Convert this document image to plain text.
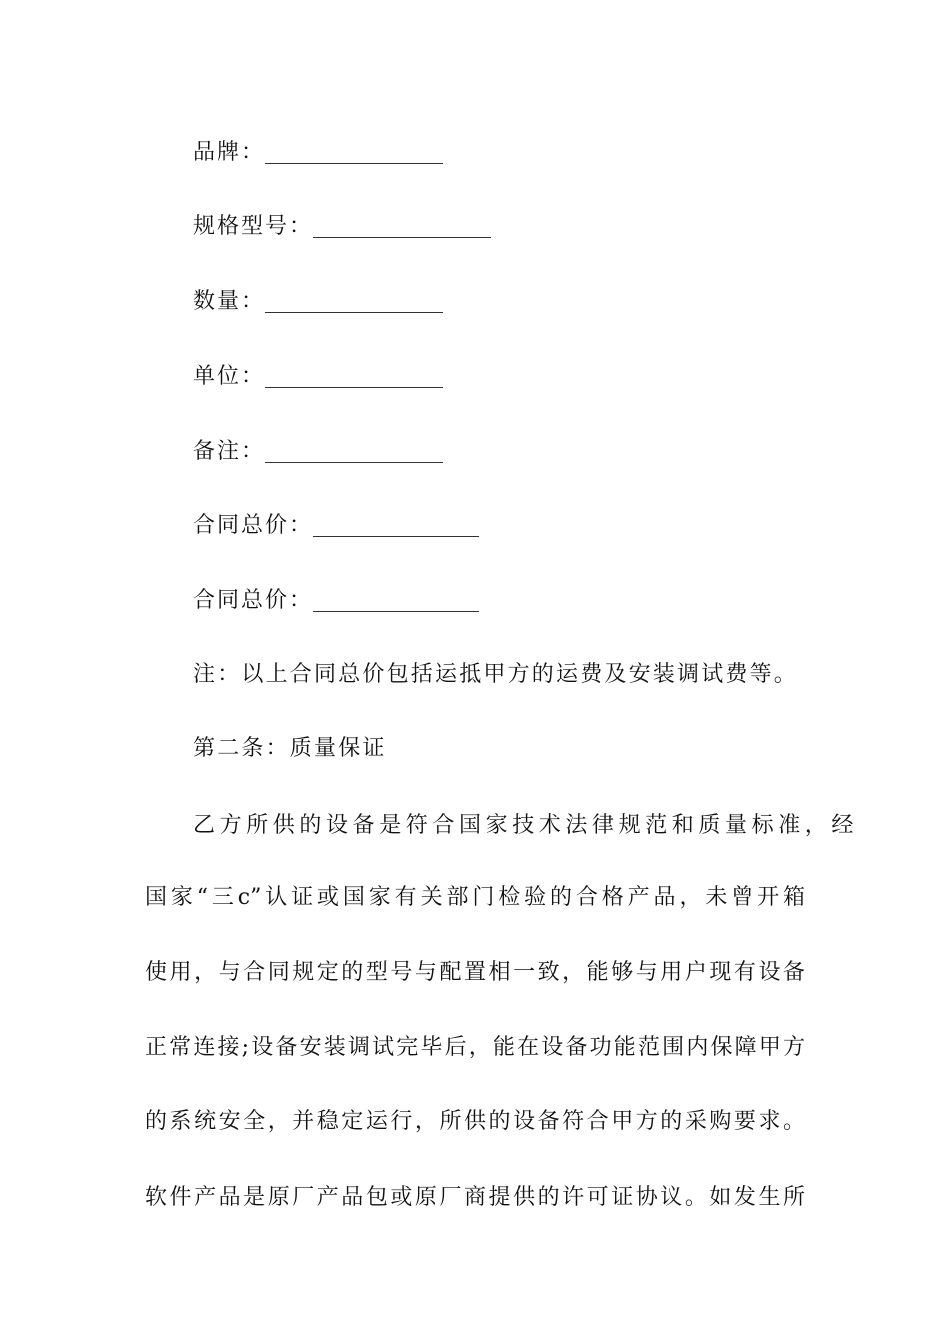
品牌：
规格型号：
数量：
单位：
备注：
合同总价：
合同总价：
注：以上合同总价包括运抵甲方的运费及安装调试费等。
第二条：质量保证
乙方所供的设备是符合国家技术法律规范和质量标准，经
国家“三c”认证或国家有关部门检验的合格产品，未曾开箱
使用，与合同规定的型号与配置相一致，能够与用户现有设备
正常连接;设备安装调试完毕后，能在设备功能范围内保障甲方
的系统安全，并稳定运行，所供的设备符合甲方的采购要求。
软件产品是原厂产品包或原厂商提供的许可证协议。如发生所
